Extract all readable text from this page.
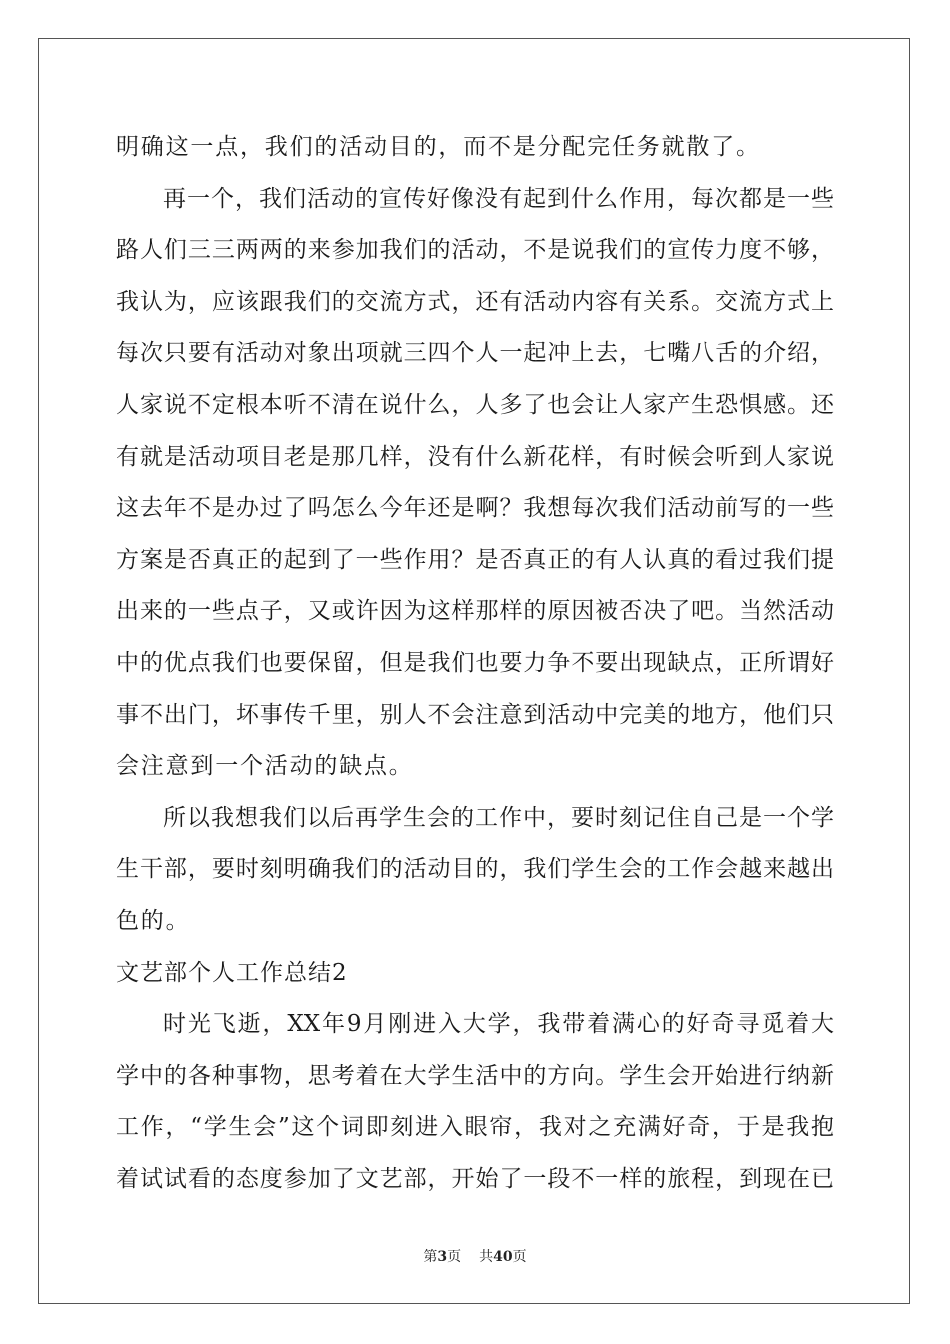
明确这一点，我们的活动目的，而不是分配完任务就散了。
再一个，我们活动的宣传好像没有起到什么作用，每次都是一些
路人们三三两两的来参加我们的活动，不是说我们的宣传力度不够，
我认为，应该跟我们的交流方式，还有活动内容有关系。交流方式上
每次只要有活动对象出项就三四个人一起冲上去，七嘴八舌的介绍，
人家说不定根本听不清在说什么，人多了也会让人家产生恐惧感。还
有就是活动项目老是那几样，没有什么新花样，有时候会听到人家说
这去年不是办过了吗怎么今年还是啊？我想每次我们活动前写的一些
方案是否真正的起到了一些作用？是否真正的有人认真的看过我们提
出来的一些点子，又或许因为这样那样的原因被否决了吧。当然活动
中的优点我们也要保留，但是我们也要力争不要出现缺点，正所谓好
事不出门，坏事传千里，别人不会注意到活动中完美的地方，他们只
会注意到一个活动的缺点。
所以我想我们以后再学生会的工作中，要时刻记住自己是一个学
生干部，要时刻明确我们的活动目的，我们学生会的工作会越来越出
色的。
文艺部个人工作总结2
时光飞逝，XX年9月刚进入大学，我带着满心的好奇寻觅着大
学中的各种事物，思考着在大学生活中的方向。学生会开始进行纳新
工作，“学生会”这个词即刻进入眼帘，我对之充满好奇，于是我抱
着试试看的态度参加了文艺部，开始了一段不一样的旅程，到现在已
第3页 共40页
